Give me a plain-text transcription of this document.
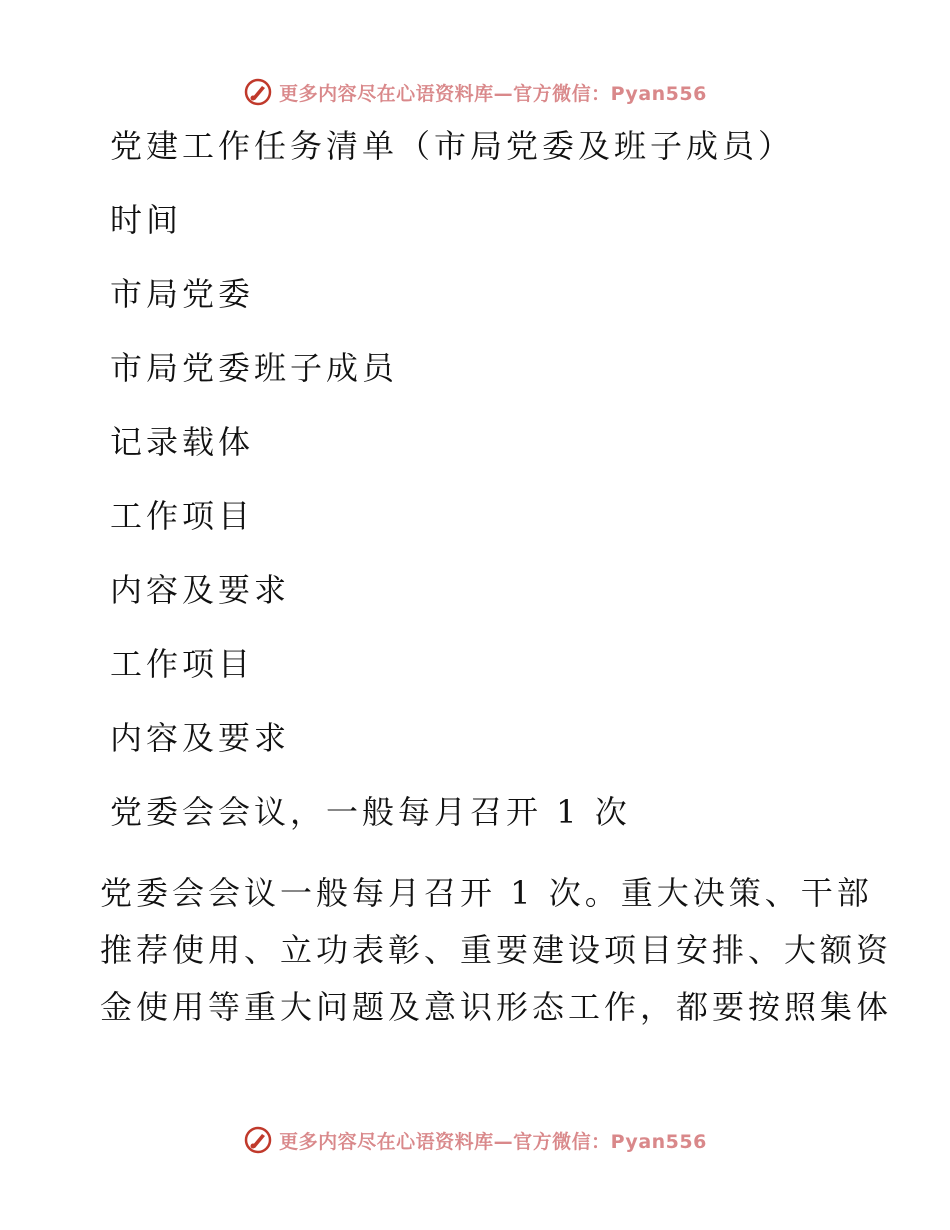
更多内容尽在心语资料库—官方微信：Pyan556
党建工作任务清单（市局党委及班子成员）
时间
市局党委
市局党委班子成员
记录载体
工作项目
内容及要求
工作项目
内容及要求
党委会会议，一般每月召开 1 次
党委会会议一般每月召开 1 次。重大决策、干部
推荐使用、立功表彰、重要建设项目安排、大额资
金使用等重大问题及意识形态工作，都要按照集体
更多内容尽在心语资料库—官方微信：Pyan556
